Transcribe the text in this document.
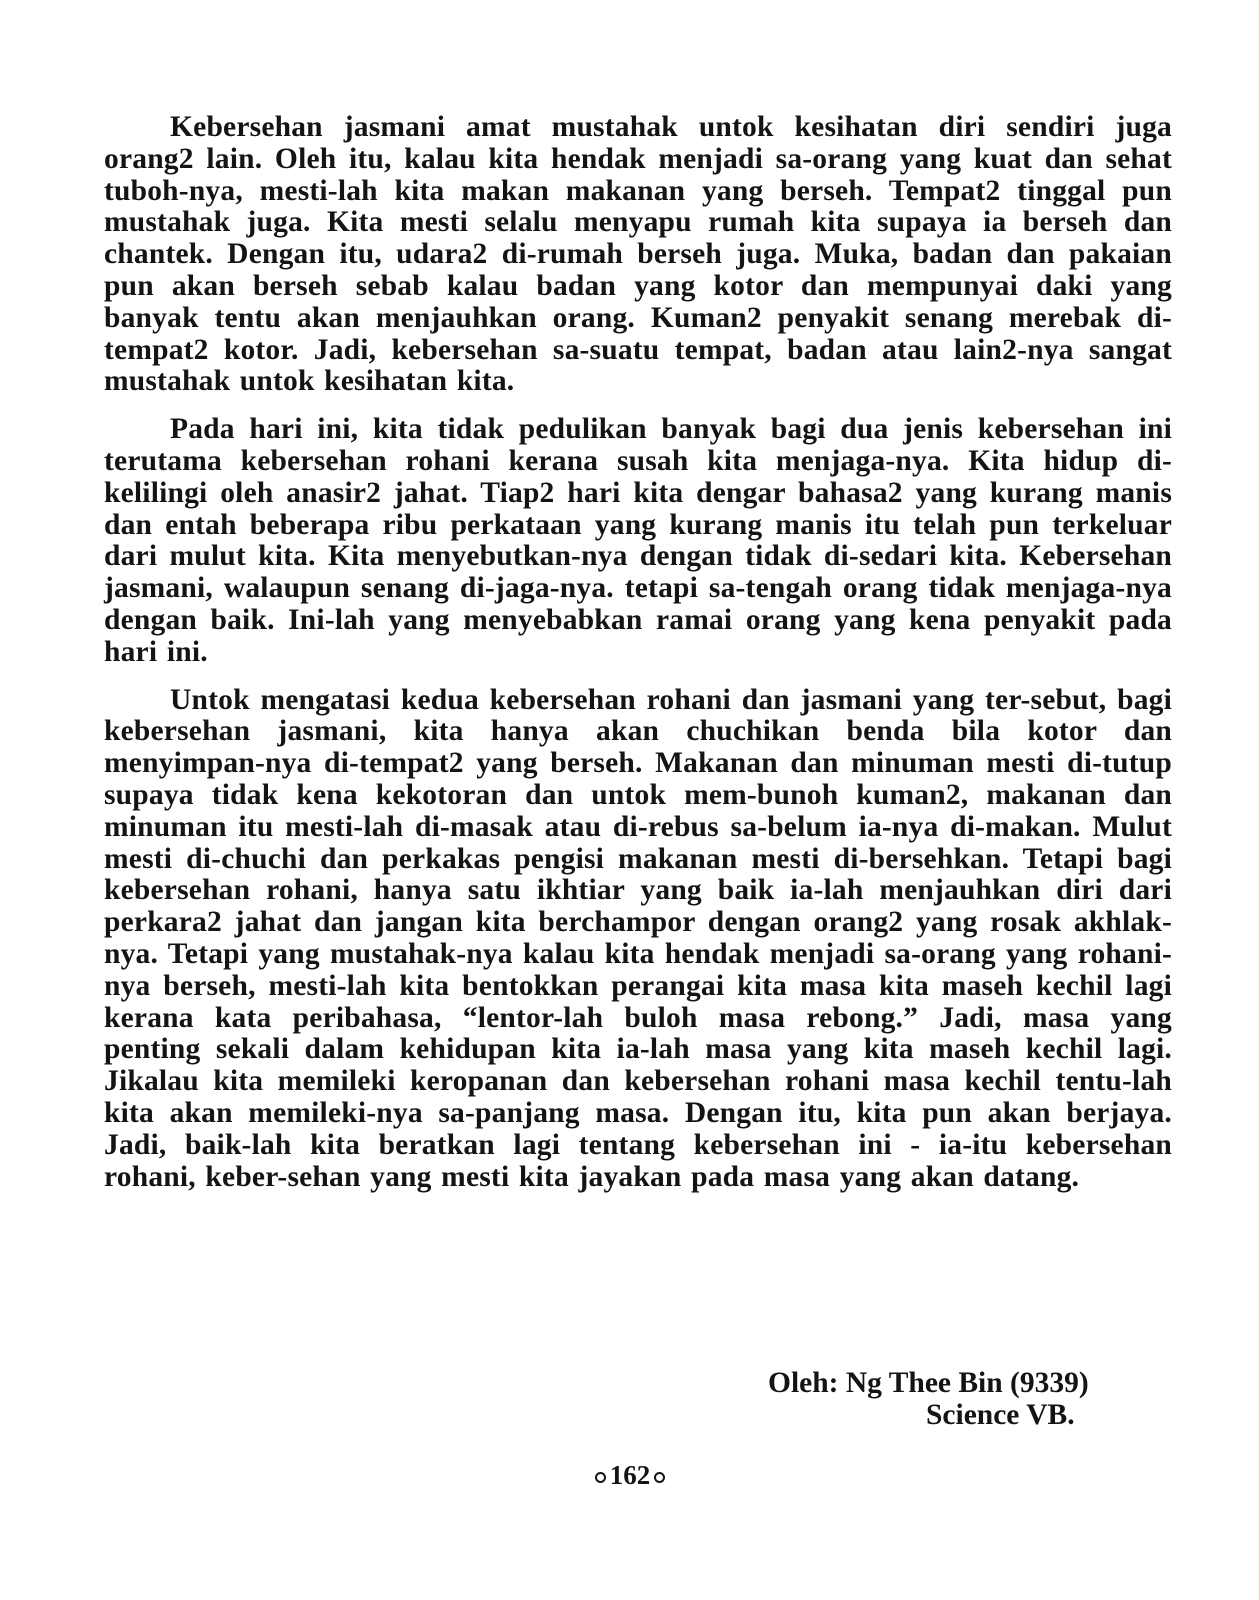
Kebersehan jasmani amat mustahak untok kesihatan diri sendiri juga orang2 lain. Oleh itu, kalau kita hendak menjadi sa-orang yang kuat dan sehat tuboh-nya, mesti-lah kita makan makanan yang berseh. Tempat2 tinggal pun mustahak juga. Kita mesti selalu menyapu rumah kita supaya ia berseh dan chantek. Dengan itu, udara2 di-rumah berseh juga. Muka, badan dan pakaian pun akan berseh sebab kalau badan yang kotor dan mempunyai daki yang banyak tentu akan menjauhkan orang. Kuman2 penyakit senang merebak di-tempat2 kotor. Jadi, kebersehan sa-suatu tempat, badan atau lain2-nya sangat mustahak untok kesihatan kita.

Pada hari ini, kita tidak pedulikan banyak bagi dua jenis kebersehan ini terutama kebersehan rohani kerana susah kita menjaga-nya. Kita hidup di-kelilingi oleh anasir2 jahat. Tiap2 hari kita dengar bahasa2 yang kurang manis dan entah beberapa ribu perkataan yang kurang manis itu telah pun terkeluar dari mulut kita. Kita menyebutkan-nya dengan tidak di-sedari kita. Kebersehan jasmani, walaupun senang di-jaga-nya. tetapi sa-tengah orang tidak menjaga-nya dengan baik. Ini-lah yang menyebabkan ramai orang yang kena penyakit pada hari ini.

Untok mengatasi kedua kebersehan rohani dan jasmani yang ter-sebut, bagi kebersehan jasmani, kita hanya akan chuchikan benda bila kotor dan menyimpan-nya di-tempat2 yang berseh. Makanan dan minuman mesti di-tutup supaya tidak kena kekotoran dan untok mem-bunoh kuman2, makanan dan minuman itu mesti-lah di-masak atau di-rebus sa-belum ia-nya di-makan. Mulut mesti di-chuchi dan perkakas pengisi makanan mesti di-bersehkan. Tetapi bagi kebersehan rohani, hanya satu ikhtiar yang baik ia-lah menjauhkan diri dari perkara2 jahat dan jangan kita berchampor dengan orang2 yang rosak akhlak-nya. Tetapi yang mustahak-nya kalau kita hendak menjadi sa-orang yang rohani-nya berseh, mesti-lah kita bentokkan perangai kita masa kita maseh kechil lagi kerana kata peribahasa, “lentor-lah buloh masa rebong.” Jadi, masa yang penting sekali dalam kehidupan kita ia-lah masa yang kita maseh kechil lagi. Jikalau kita memileki keropanan dan kebersehan rohani masa kechil tentu-lah kita akan memileki-nya sa-panjang masa. Dengan itu, kita pun akan berjaya. Jadi, baik-lah kita beratkan lagi tentang kebersehan ini - ia-itu kebersehan rohani, keber-sehan yang mesti kita jayakan pada masa yang akan datang.

Oleh: Ng Thee Bin (9339)
Science VB.
162
